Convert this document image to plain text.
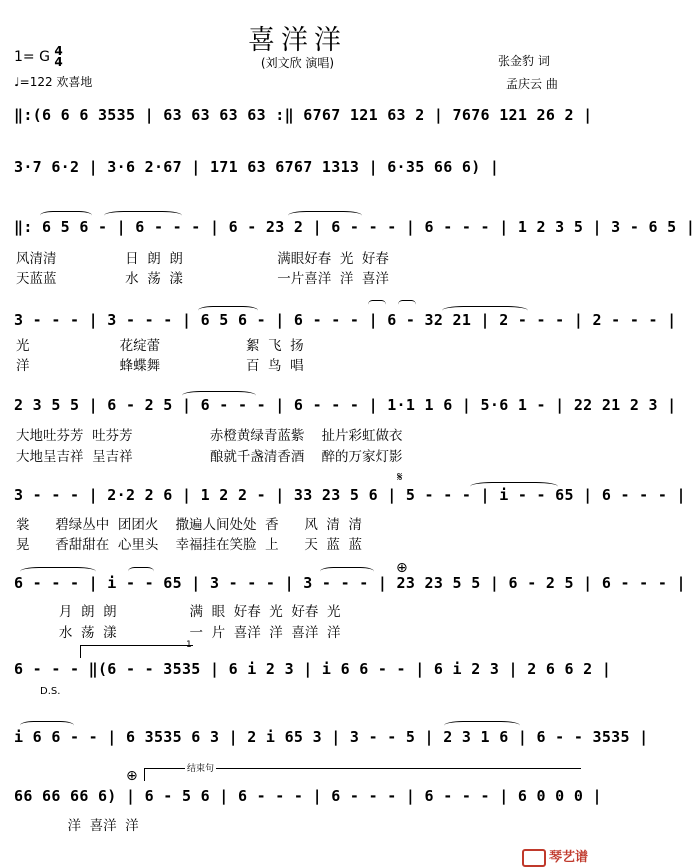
喜洋洋
(刘文欣 演唱)
1= G 4
4
♩=122 欢喜地
张金豹 词
孟庆云 曲
‖:(6 6 6 3535 | 63 63 63 63 :‖ 6767 121 63 2 | 7676 121 26 2 |
3·7 6·2 | 3·6 2·67 | 171 63 6767 1313 | 6·35 66 6) |
‖: 6 5 6 - | 6 - - - | 6 - 23 2 | 6 - - - | 6 - - - | 1 2 3 5 | 3 - 6 5 |
风清清                日  朗  朗                      满眼好春  光  好春
天蓝蓝                水  荡  漾                      一片喜洋  洋  喜洋
3 - - - | 3 - - - | 6 5 6 - | 6 - - - | 6 - 32 21 | 2 - - - | 2 - - - |
光                     花绽蕾                    絮  飞  扬
洋                     蜂蝶舞                    百  鸟  唱
2 3 5 5 | 6 - 2 5 | 6 - - - | 6 - - - | 1·1 1 6 | 5·6 1 - | 22 21 2 3 |
大地吐芬芳  吐芬芳                  赤橙黄绿青蓝紫    扯片彩虹做衣
大地呈吉祥  呈吉祥                  酿就千盏清香酒    醉的万家灯影
𝄋
3 - - - | 2·2 2 6 | 1 2 2 - | 33 23 5 6 | 5 - - - | i - - 65 | 6 - - - |
裳      碧绿丛中  团团火    撒遍人间处处  香      风  清  清
晃      香甜甜在  心里头    幸福挂在笑脸  上      天  蓝  蓝
⊕
6 - - - | i - - 65 | 3 - - - | 3 - - - | 23 23 5 5 | 6 - 2 5 | 6 - - - |
月  朗  朗                 满  眼  好春  光  好春  光
水  荡  漾                 一  片  喜洋  洋  喜洋  洋
1
6 - - - ‖(6 - - 3535 | 6 i 2 3 | i 6 6 - - | 6 i 2 3 | 2 6 6 2 |
D.S.
i 6 6 - - | 6 3535 6 3 | 2 i 65 3 | 3 - - 5 | 2 3 1 6 | 6 - - 3535 |
结束句
⊕
66 66 66 6) | 6 - 5 6 | 6 - - - | 6 - - - | 6 - - - | 6 0 0 0 |
洋  喜洋  洋
琴艺谱
